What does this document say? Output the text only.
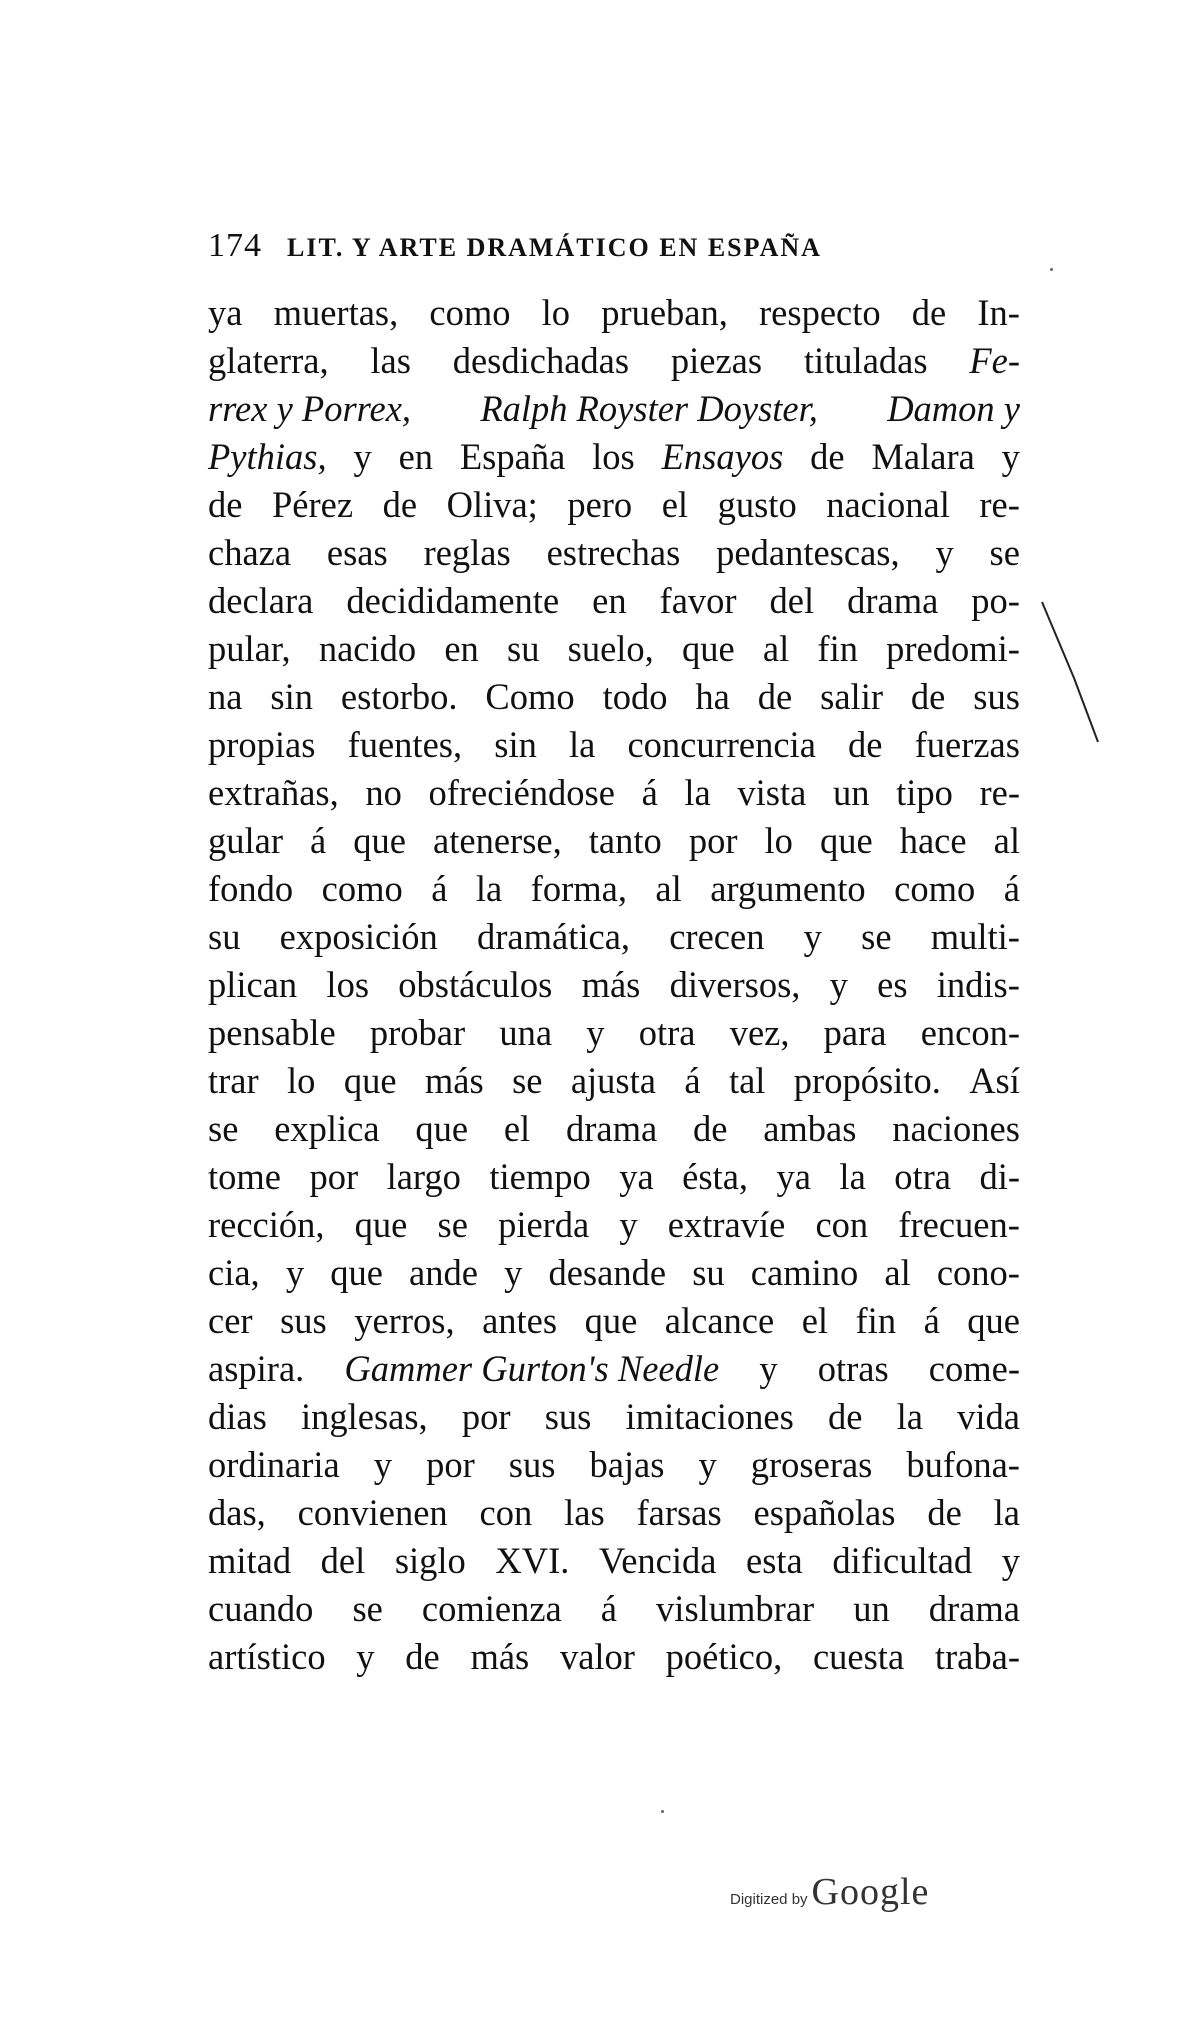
174 LIT. Y ARTE DRAMÁTICO EN ESPAÑA
ya muertas, como lo prueban, respecto de In-
glaterra, las desdichadas piezas tituladas Fe-
rrex y Porrex, Ralph Royster Doyster, Damon y
Pythias, y en España los Ensayos de Malara y
de Pérez de Oliva; pero el gusto nacional re-
chaza esas reglas estrechas pedantescas, y se
declara decididamente en favor del drama po-
pular, nacido en su suelo, que al fin predomi-
na sin estorbo. Como todo ha de salir de sus
propias fuentes, sin la concurrencia de fuerzas
extrañas, no ofreciéndose á la vista un tipo re-
gular á que atenerse, tanto por lo que hace al
fondo como á la forma, al argumento como á
su exposición dramática, crecen y se multi-
plican los obstáculos más diversos, y es indis-
pensable probar una y otra vez, para encon-
trar lo que más se ajusta á tal propósito. Así
se explica que el drama de ambas naciones
tome por largo tiempo ya ésta, ya la otra di-
rección, que se pierda y extravíe con frecuen-
cia, y que ande y desande su camino al cono-
cer sus yerros, antes que alcance el fin á que
aspira. Gammer Gurton's Needle y otras come-
dias inglesas, por sus imitaciones de la vida
ordinaria y por sus bajas y groseras bufona-
das, convienen con las farsas españolas de la
mitad del siglo XVI. Vencida esta dificultad y
cuando se comienza á vislumbrar un drama
artístico y de más valor poético, cuesta traba-
Digitized by Google
